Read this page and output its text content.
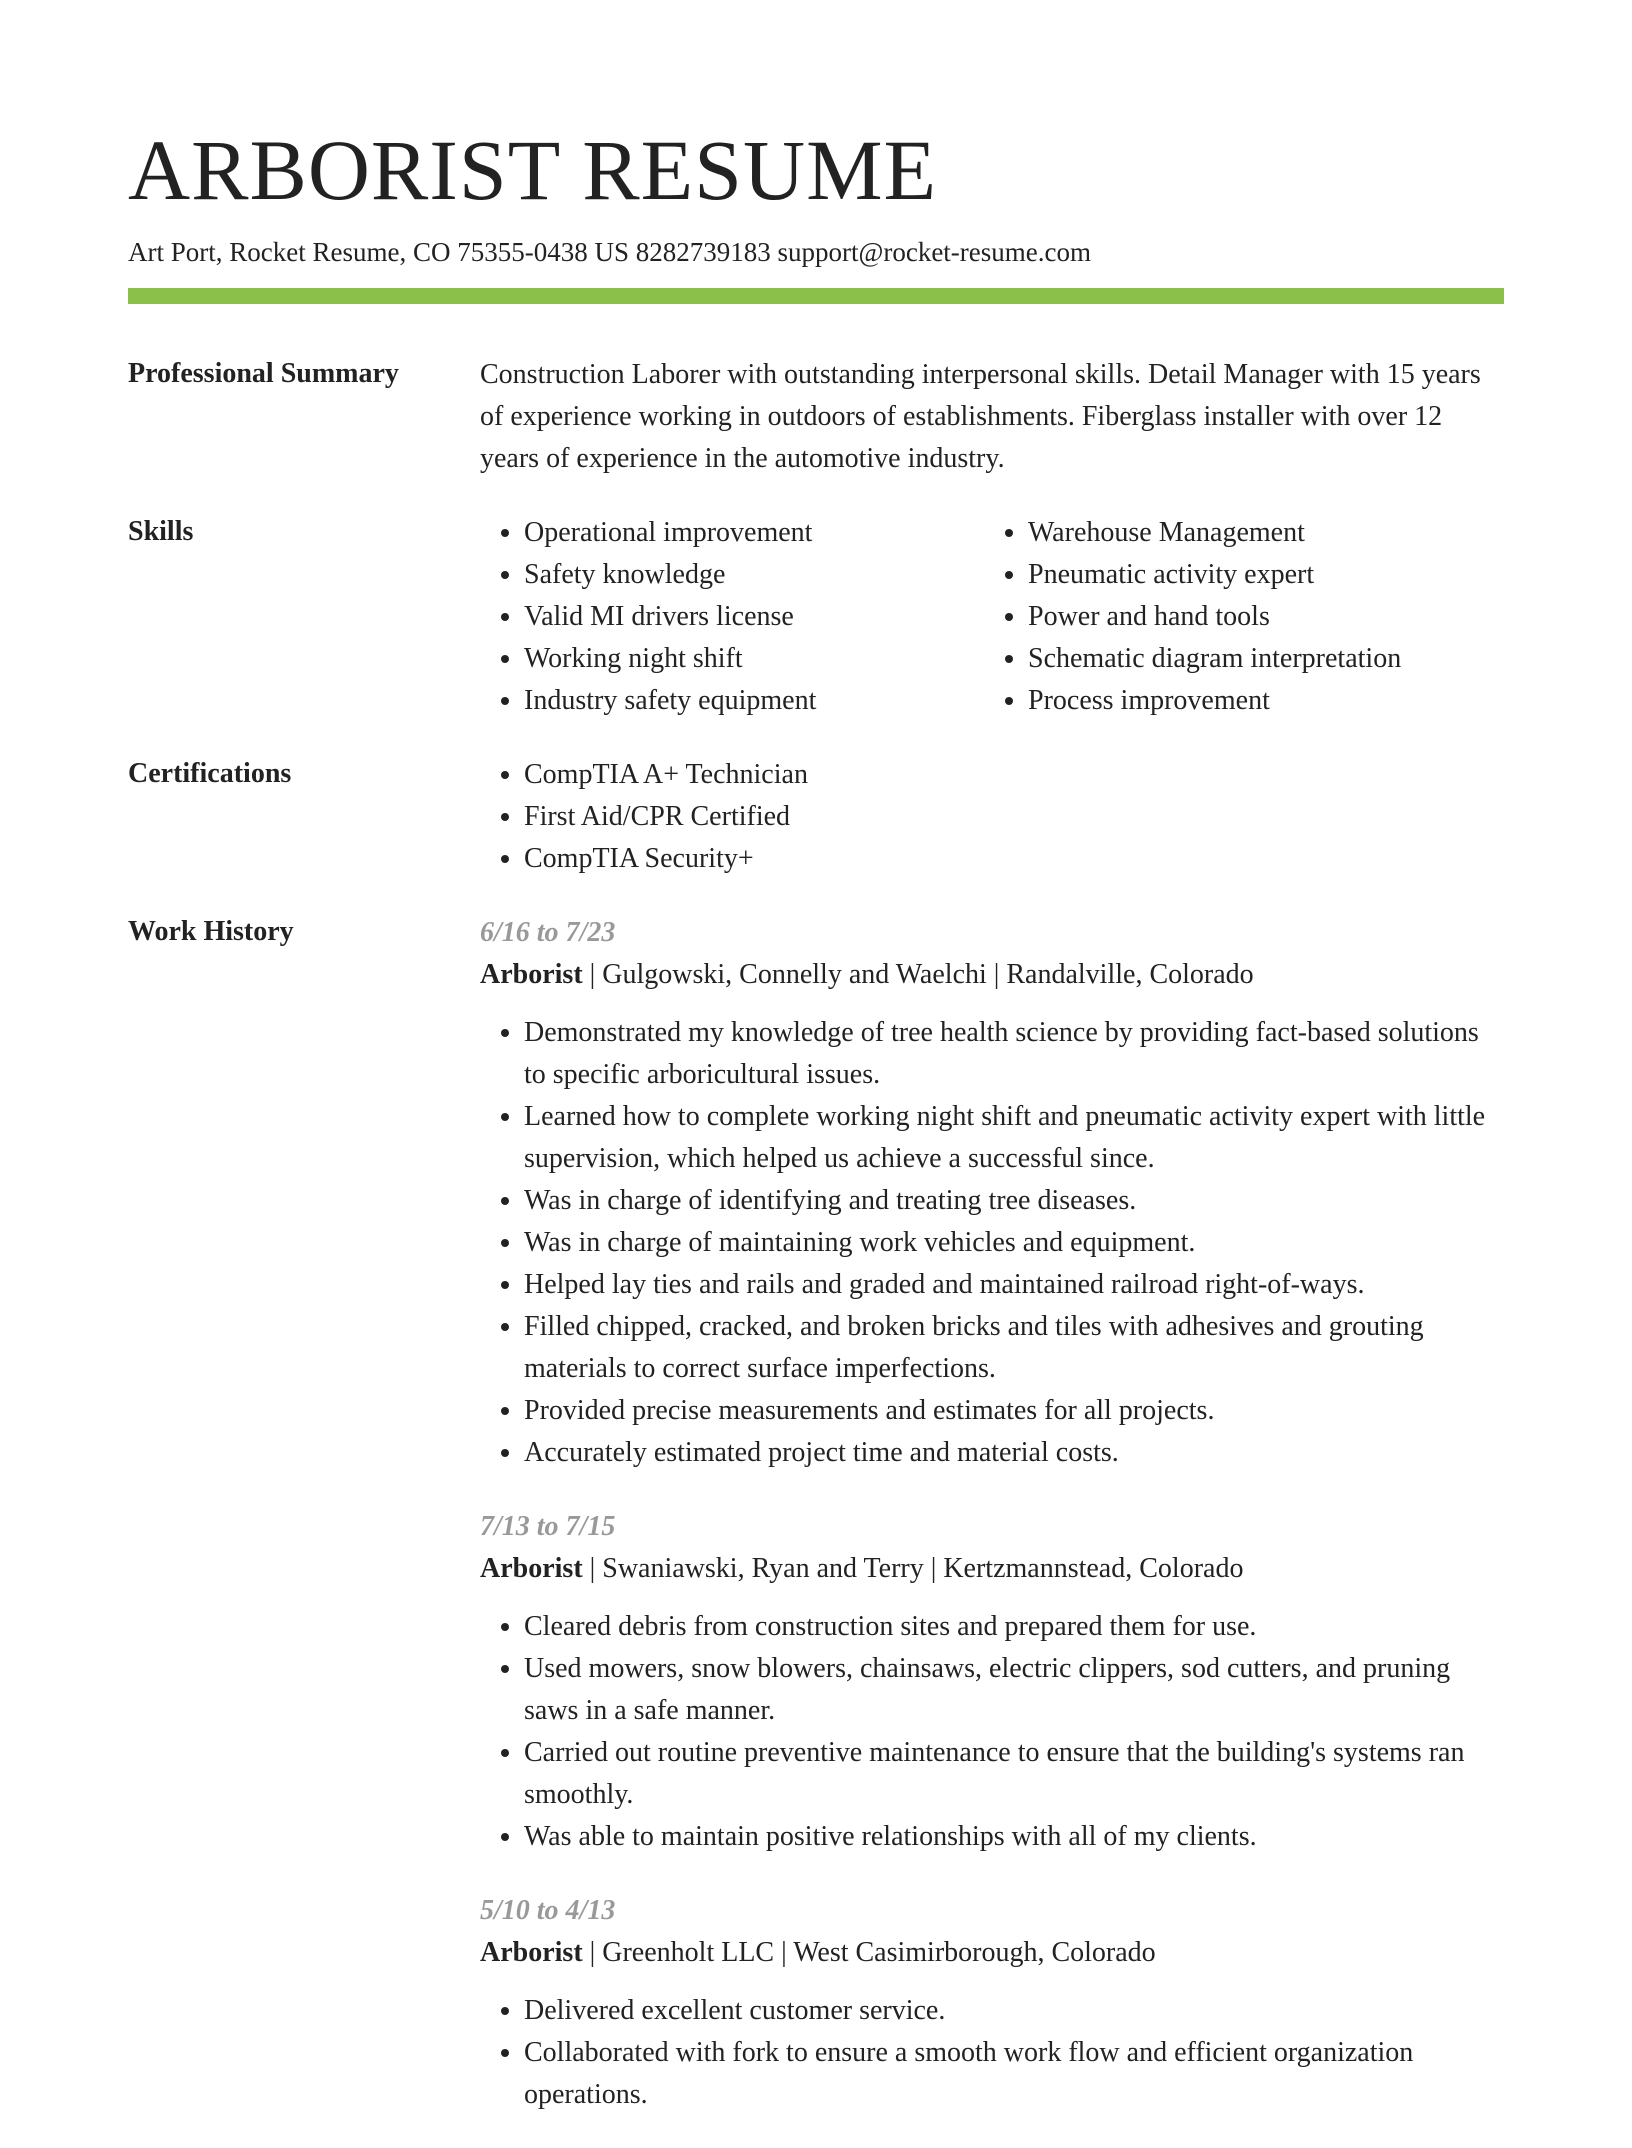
ARBORIST RESUME
Art Port, Rocket Resume, CO 75355-0438 US 8282739183 support@rocket-resume.com
Professional Summary	Construction Laborer with outstanding interpersonal skills. Detail Manager with 15 years of experience working in outdoors of establishments. Fiberglass installer with over 12 years of experience in the automotive industry.

Skills	• Operational improvement
• Safety knowledge
• Valid MI drivers license
• Working night shift
• Industry safety equipment
• Warehouse Management
• Pneumatic activity expert
• Power and hand tools
• Schematic diagram interpretation
• Process improvement
Certifications	• CompTIA A+ Technician
• First Aid/CPR Certified
• CompTIA Security+
Work History	6/16 to 7/23
Arborist | Gulgowski, Connelly and Waelchi | Randalville, Colorado
• Demonstrated my knowledge of tree health science by providing fact-based solutions to specific arboricultural issues.
• Learned how to complete working night shift and pneumatic activity expert with little supervision, which helped us achieve a successful since.
• Was in charge of identifying and treating tree diseases.
• Was in charge of maintaining work vehicles and equipment.
• Helped lay ties and rails and graded and maintained railroad right-of-ways.
• Filled chipped, cracked, and broken bricks and tiles with adhesives and grouting materials to correct surface imperfections.
• Provided precise measurements and estimates for all projects.
• Accurately estimated project time and material costs.
7/13 to 7/15
Arborist | Swaniawski, Ryan and Terry | Kertzmannstead, Colorado
• Cleared debris from construction sites and prepared them for use.
• Used mowers, snow blowers, chainsaws, electric clippers, sod cutters, and pruning saws in a safe manner.
• Carried out routine preventive maintenance to ensure that the building's systems ran smoothly.
• Was able to maintain positive relationships with all of my clients.
5/10 to 4/13
Arborist | Greenholt LLC | West Casimirborough, Colorado
• Delivered excellent customer service.
• Collaborated with fork to ensure a smooth work flow and efficient organization operations.
